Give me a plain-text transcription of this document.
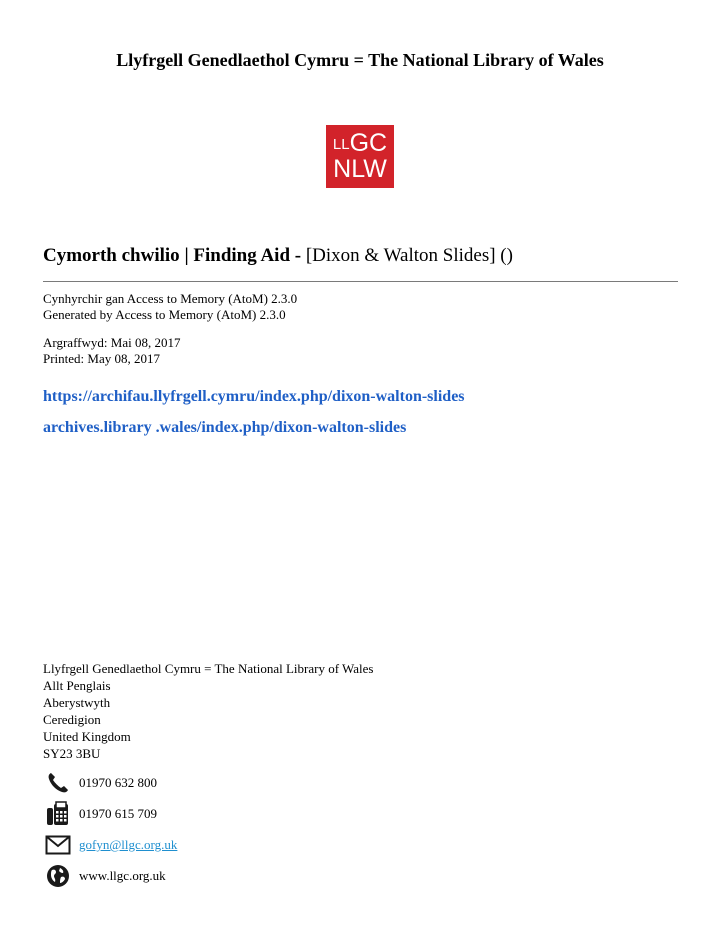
Llyfrgell Genedlaethol Cymru = The National Library of Wales
$^{LL}$GC
NLW
Cymorth chwilio | Finding Aid - [Dixon & Walton Slides] ()
Cynhyrchir gan Access to Memory (AtoM) 2.3.0
Generated by Access to Memory (AtoM) 2.3.0
Argraffwyd: Mai 08, 2017
Printed: May 08, 2017
https://archifau.llyfrgell.cymru/index.php/dixon-walton-slides
archives.library .wales/index.php/dixon-walton-slides
Llyfrgell Genedlaethol Cymru = The National Library of Wales
Allt Penglais
Aberystwyth
Ceredigion
United Kingdom
SY23 3BU
01970 632 800
01970 615 709
gofyn@llgc.org.uk
www.llgc.org.uk
